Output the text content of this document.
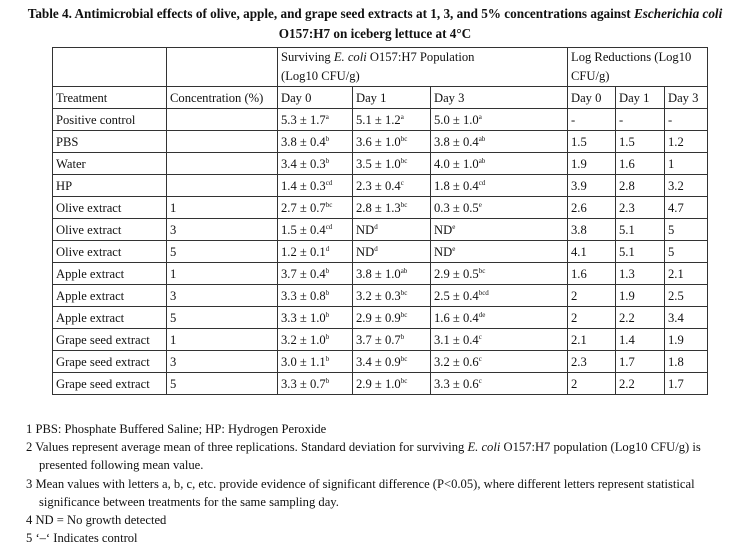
Table 4. Antimicrobial effects of olive, apple, and grape seed extracts at 1, 3, and 5% concentrations against Escherichia coli
O157:H7 on iceberg lettuce at 4°C
		Surviving E. coli O157:H7 Population
(Log10 CFU/g)			Log Reductions (Log10
CFU/g)		
Treatment	Concentration (%)	Day 0	Day 1	Day 3	Day 0	Day 1	Day 3
Positive control		5.3 ± 1.7$^a$	5.1 ± 1.2$^a$	5.0 ± 1.0$^a$	-	-	-
PBS		3.8 ± 0.4$^b$	3.6 ± 1.0$^{bc}$	3.8 ± 0.4$^{ab}$	1.5	1.5	1.2
Water		3.4 ± 0.3$^b$	3.5 ± 1.0$^{bc}$	4.0 ± 1.0$^{ab}$	1.9	1.6	1
HP		1.4 ± 0.3$^{cd}$	2.3 ± 0.4$^c$	1.8 ± 0.4$^{cd}$	3.9	2.8	3.2
Olive extract	1	2.7 ± 0.7$^{bc}$	2.8 ± 1.3$^{bc}$	0.3 ± 0.5$^e$	2.6	2.3	4.7
Olive extract	3	1.5 ± 0.4$^{cd}$	$ND^d$	$ND^e$	3.8	5.1	5
Olive extract	5	1.2 ± 0.1$^d$	$ND^d$	$ND^e$	4.1	5.1	5
Apple extract	1	3.7 ± 0.4$^b$	3.8 ± 1.0$^{ab}$	2.9 ± 0.5$^{bc}$	1.6	1.3	2.1
Apple extract	3	3.3 ± 0.8$^b$	3.2 ± 0.3$^{bc}$	2.5 ± 0.4$^{bcd}$	2	1.9	2.5
Apple extract	5	3.3 ± 1.0$^b$	2.9 ± 0.9$^{bc}$	1.6 ± 0.4de	2	2.2	3.4
Grape seed extract	1	3.2 ± 1.0$^b$	3.7 ± 0.7$^b$	3.1 ± 0.4$^c$	2.1	1.4	1.9
Grape seed extract	3	3.0 ± 1.1$^b$	3.4 ± 0.9$^{bc}$	3.2 ± 0.6$^c$	2.3	1.7	1.8
Grape seed extract	5	3.3 ± 0.7$^b$	2.9 ± 1.0$^{bc}$	3.3 ± 0.6$^c$	2	2.2	1.7
1 PBS: Phosphate Buffered Saline; HP: Hydrogen Peroxide
2 Values represent average mean of three replications. Standard deviation for surviving E. coli O157:H7 population (Log10 CFU/g) is presented following mean value.
3 Mean values with letters a, b, c, etc. provide evidence of significant difference (P<0.05), where different letters represent statistical significance between treatments for the same sampling day.
4 ND = No growth detected
5 ‘–‘ Indicates control
